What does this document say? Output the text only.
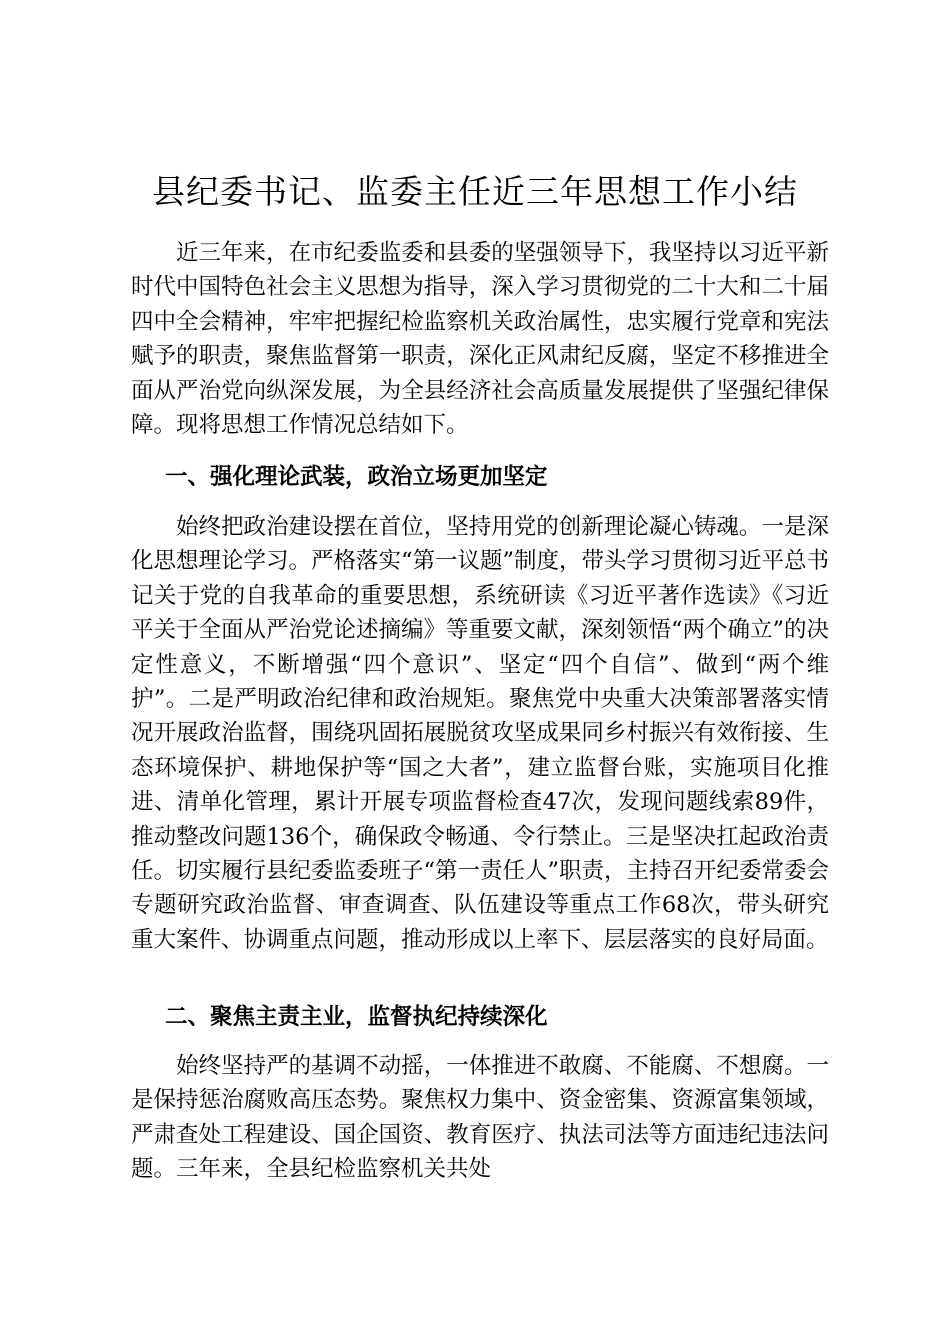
县纪委书记、监委主任近三年思想工作小结

近三年来，在市纪委监委和县委的坚强领导下，我坚持以习近平新时代中国特色社会主义思想为指导，深入学习贯彻党的二十大和二十届四中全会精神，牢牢把握纪检监察机关政治属性，忠实履行党章和宪法赋予的职责，聚焦监督第一职责，深化正风肃纪反腐，坚定不移推进全面从严治党向纵深发展，为全县经济社会高质量发展提供了坚强纪律保障。现将思想工作情况总结如下。

一、强化理论武装，政治立场更加坚定

始终把政治建设摆在首位，坚持用党的创新理论凝心铸魂。一是深化思想理论学习。严格落实“第一议题”制度，带头学习贯彻习近平总书记关于党的自我革命的重要思想，系统研读《习近平著作选读》《习近平关于全面从严治党论述摘编》等重要文献，深刻领悟“两个确立”的决定性意义，不断增强“四个意识”、坚定“四个自信”、做到“两个维护”。二是严明政治纪律和政治规矩。聚焦党中央重大决策部署落实情况开展政治监督，围绕巩固拓展脱贫攻坚成果同乡村振兴有效衔接、生态环境保护、耕地保护等“国之大者”，建立监督台账，实施项目化推进、清单化管理，累计开展专项监督检查47次，发现问题线索89件，推动整改问题136个，确保政令畅通、令行禁止。三是坚决扛起政治责任。切实履行县纪委监委班子“第一责任人”职责，主持召开纪委常委会专题研究政治监督、审查调查、队伍建设等重点工作68次，带头研究重大案件、协调重点问题，推动形成以上率下、层层落实的良好局面。

二、聚焦主责主业，监督执纪持续深化

始终坚持严的基调不动摇，一体推进不敢腐、不能腐、不想腐。一是保持惩治腐败高压态势。聚焦权力集中、资金密集、资源富集领域，严肃查处工程建设、国企国资、教育医疗、执法司法等方面违纪违法问题。三年来，全县纪检监察机关共处
